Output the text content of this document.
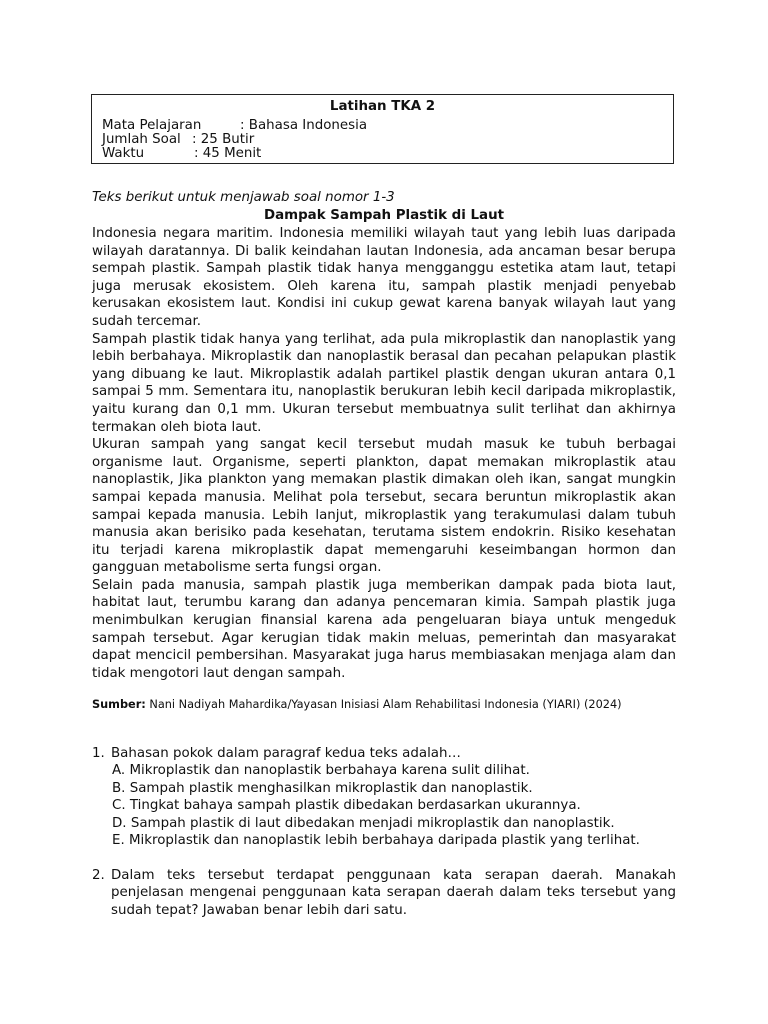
Latihan TKA 2
Mata Pelajaran	: Bahasa Indonesia
Jumlah Soal : 25 Butir
Waktu	: 45 Menit
Teks berikut untuk menjawab soal nomor 1-3
Dampak Sampah Plastik di Laut

Indonesia negara maritim. Indonesia memiliki wilayah taut yang lebih luas daripada wilayah daratannya. Di balik keindahan lautan Indonesia, ada ancaman besar berupa sempah plastik. Sampah plastik tidak hanya mengganggu estetika atam laut, tetapi juga merusak ekosistem. Oleh karena itu, sampah plastik menjadi penyebab kerusakan ekosistem laut. Kondisi ini cukup gewat karena banyak wilayah laut yang sudah tercemar.

Sampah plastik tidak hanya yang terlihat, ada pula mikroplastik dan nanoplastik yang lebih berbahaya. Mikroplastik dan nanoplastik berasal dan pecahan pelapukan plastik yang dibuang ke laut. Mikroplastik adalah partikel plastik dengan ukuran antara 0,1 sampai 5 mm. Sementara itu, nanoplastik berukuran lebih kecil daripada mikroplastik, yaitu kurang dan 0,1 mm. Ukuran tersebut membuatnya sulit terlihat dan akhirnya termakan oleh biota laut.

Ukuran sampah yang sangat kecil tersebut mudah masuk ke tubuh berbagai organisme laut. Organisme, seperti plankton, dapat memakan mikroplastik atau nanoplastik, Jika plankton yang memakan plastik dimakan oleh ikan, sangat mungkin sampai kepada manusia. Melihat pola tersebut, secara beruntun mikroplastik akan sampai kepada manusia. Lebih lanjut, mikroplastik yang terakumulasi dalam tubuh manusia akan berisiko pada kesehatan, terutama sistem endokrin. Risiko kesehatan itu terjadi karena mikroplastik dapat memengaruhi keseimbangan hormon dan gangguan metabolisme serta fungsi organ.

Selain pada manusia, sampah plastik juga memberikan dampak pada biota laut, habitat laut, terumbu karang dan adanya pencemaran kimia. Sampah plastik juga menimbulkan kerugian finansial karena ada pengeluaran biaya untuk mengeduk sampah tersebut. Agar kerugian tidak makin meluas, pemerintah dan masyarakat dapat mencicil pembersihan. Masyarakat juga harus membiasakan menjaga alam dan tidak mengotori laut dengan sampah.

Sumber: Nani Nadiyah Mahardika/Yayasan Inisiasi Alam Rehabilitasi Indonesia (YIARI) (2024)
1. Bahasan pokok dalam paragraf kedua teks adalah…
A. Mikroplastik dan nanoplastik berbahaya karena sulit dilihat.
B. Sampah plastik menghasilkan mikroplastik dan nanoplastik.
C. Tingkat bahaya sampah plastik dibedakan berdasarkan ukurannya.
D. Sampah plastik di laut dibedakan menjadi mikroplastik dan nanoplastik.
E. Mikroplastik dan nanoplastik lebih berbahaya daripada plastik yang terlihat.
2. Dalam teks tersebut terdapat penggunaan kata serapan daerah. Manakah penjelasan mengenai penggunaan kata serapan daerah dalam teks tersebut yang sudah tepat? Jawaban benar lebih dari satu.
